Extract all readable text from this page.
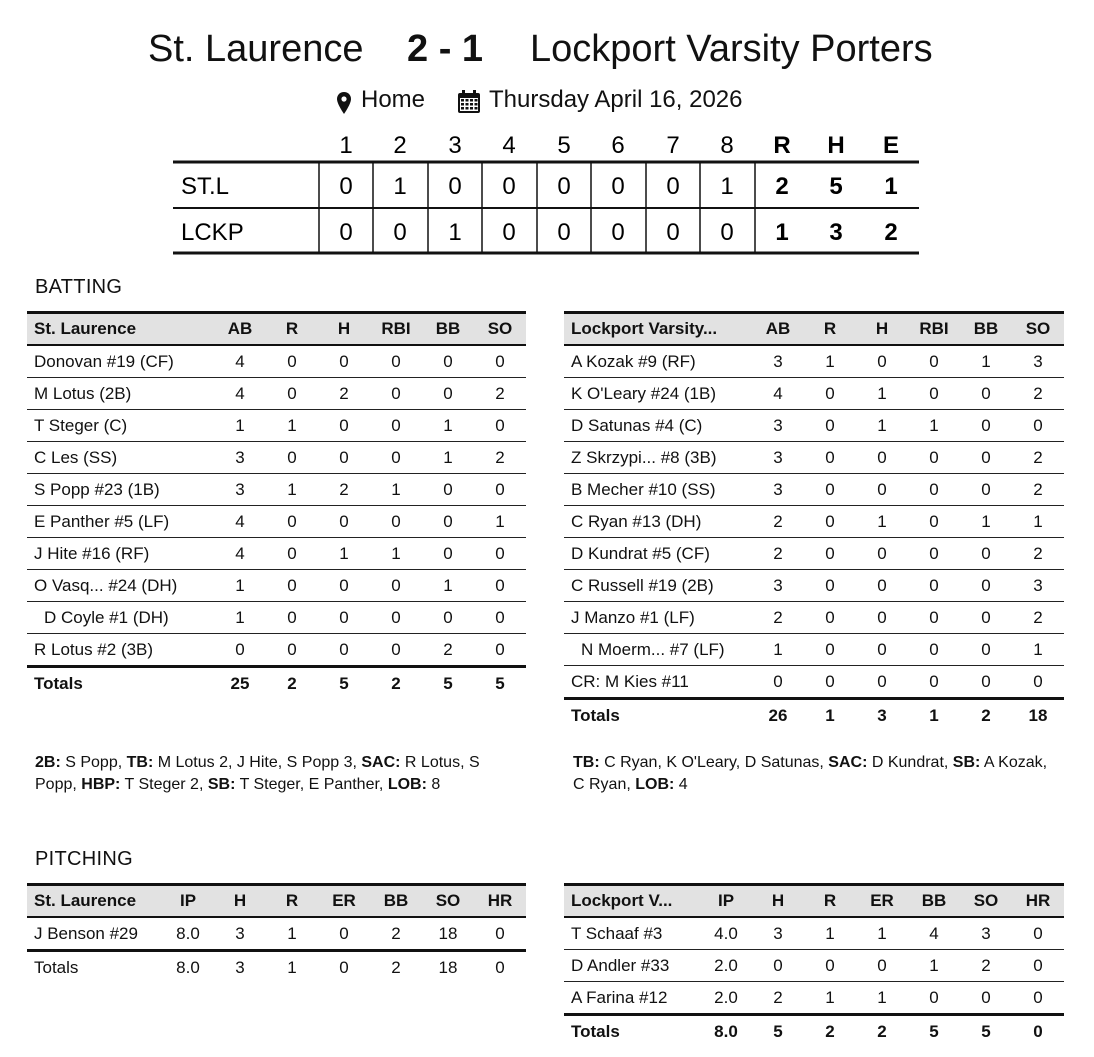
St. Laurence 2 - 1 Lockport Varsity Porters
Home	Thursday April 16, 2026
1 2 3 4 5 6 7 8 R H E
ST.L	0 1 0 0 0 0 0 1 2 5 1
LCKP	0 0 1 0 0 0 0 0 1 3 2
BATTING
St. Laurence	AB	R	H	RBI	BB	SO
Donovan #19 (CF)	4	0	0	0	0	0
M Lotus (2B)	4	0	2	0	0	2
T Steger (C)	1	1	0	0	1	0
C Les (SS)	3	0	0	0	1	2
S Popp #23 (1B)	3	1	2	1	0	0
E Panther #5 (LF)	4	0	0	0	0	1
J Hite #16 (RF)	4	0	1	1	0	0
O Vasq... #24 (DH)	1	0	0	0	1	0
D Coyle #1 (DH)	1	0	0	0	0	0
R Lotus #2 (3B)	0	0	0	0	2	0
Totals	25	2	5	2	5	5
Lockport Varsity...	AB	R	H	RBI	BB	SO
A Kozak #9 (RF)	3	1	0	0	1	3
K O'Leary #24 (1B)	4	0	1	0	0	2
D Satunas #4 (C)	3	0	1	1	0	0
Z Skrzypi... #8 (3B)	3	0	0	0	0	2
B Mecher #10 (SS)	3	0	0	0	0	2
C Ryan #13 (DH)	2	0	1	0	1	1
D Kundrat #5 (CF)	2	0	0	0	0	2
C Russell #19 (2B)	3	0	0	0	0	3
J Manzo #1 (LF)	2	0	0	0	0	2
N Moerm... #7 (LF)	1	0	0	0	0	1
CR: M Kies #11	0	0	0	0	0	0
Totals	26	1	3	1	2	18
2B: S Popp, TB: M Lotus 2, J Hite, S Popp 3, SAC: R Lotus, S Popp, HBP: T Steger 2, SB: T Steger, E Panther, LOB: 8
TB: C Ryan, K O'Leary, D Satunas, SAC: D Kundrat, SB: A Kozak, C Ryan, LOB: 4
PITCHING
St. Laurence	IP	H	R	ER	BB	SO	HR
J Benson #29	8.0	3	1	0	2	18	0
Totals	8.0	3	1	0	2	18	0
Lockport V...	IP	H	R	ER	BB	SO	HR
T Schaaf #3	4.0	3	1	1	4	3	0
D Andler #33	2.0	0	0	0	1	2	0
A Farina #12	2.0	2	1	1	0	0	0
Totals	8.0	5	2	2	5	5	0
